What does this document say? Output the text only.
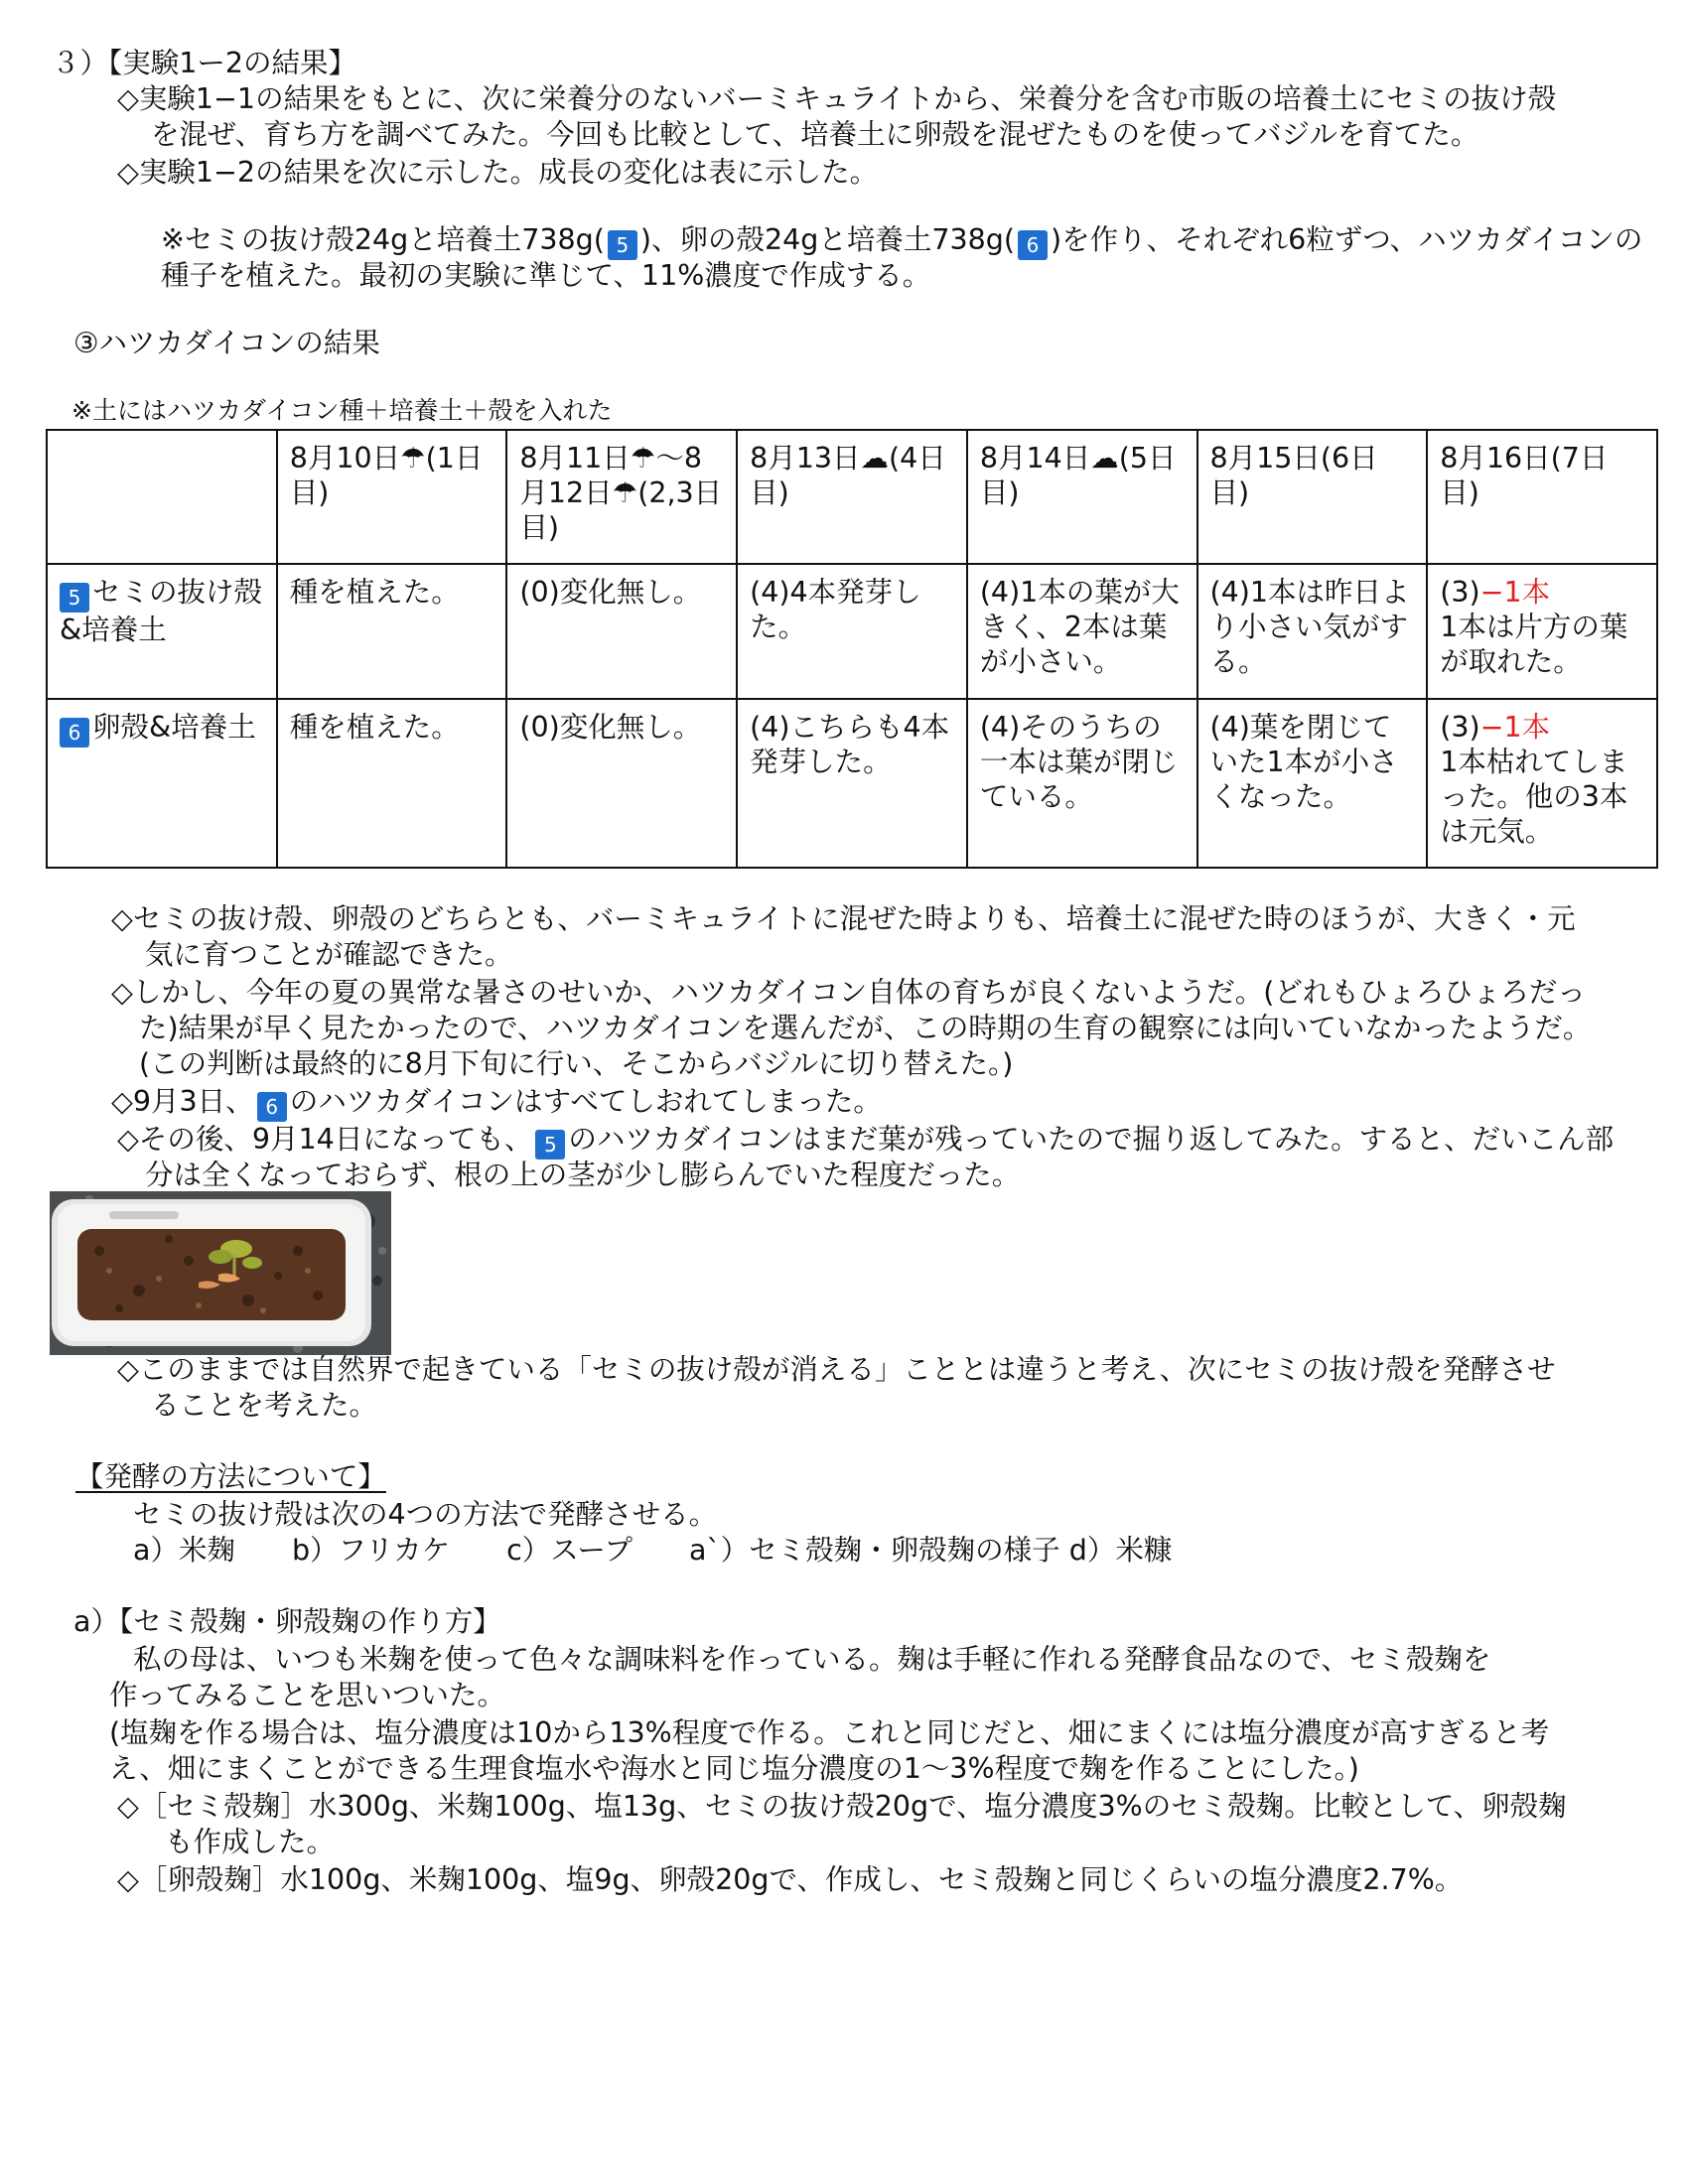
３）【実験1ー2の結果】
◇実験1−1の結果をもとに、次に栄養分のないバーミキュライトから、栄養分を含む市販の培養土にセミの抜け殻
を混ぜ、育ち方を調べてみた。今回も比較として、培養土に卵殻を混ぜたものを使ってバジルを育てた。
◇実験1−2の結果を次に示した。成長の変化は表に示した。
※セミの抜け殻24gと培養土738g( 5 )、卵の殻24gと培養土738g( 6 )を作り、それぞれ6粒ずつ、ハツカダイコンの
種子を植えた。最初の実験に準じて、11%濃度で作成する。
③ハツカダイコンの結果
※土にはハツカダイコン種＋培養土＋殻を入れた
	8月10日☂(1日目)	8月11日☂〜8月12日☂(2,3日目)	8月13日☁(4日目)	8月14日☁(5日目)	8月15日(6日目)	8月16日(7日目)
5 セミの抜け殻&培養土	種を植えた。	(0)変化無し。	(4)4本発芽した。	(4)1本の葉が大きく、2本は葉が小さい。	(4)1本は昨日より小さい気がする。	(3)−1本
1本は片方の葉が取れた。
6 卵殻&培養土	種を植えた。	(0)変化無し。	(4)こちらも4本発芽した。	(4)そのうちの一本は葉が閉じている。	(4)葉を閉じていた1本が小さくなった。	(3)−1本
1本枯れてしまった。他の3本は元気。
◇セミの抜け殻、卵殻のどちらとも、バーミキュライトに混ぜた時よりも、培養土に混ぜた時のほうが、大きく・元
気に育つことが確認できた。
◇しかし、今年の夏の異常な暑さのせいか、ハツカダイコン自体の育ちが良くないようだ。(どれもひょろひょろだっ
た)結果が早く見たかったので、ハツカダイコンを選んだが、この時期の生育の観察には向いていなかったようだ。
(この判断は最終的に8月下旬に行い、そこからバジルに切り替えた。)
◇9月3日、 6 のハツカダイコンはすべてしおれてしまった。
◇その後、9月14日になっても、 5 のハツカダイコンはまだ葉が残っていたので掘り返してみた。すると、だいこん部
分は全くなっておらず、根の上の茎が少し膨らんでいた程度だった。
◇このままでは自然界で起きている「セミの抜け殻が消える」こととは違うと考え、次にセミの抜け殻を発酵させ
ることを考えた。
【発酵の方法について】
セミの抜け殻は次の4つの方法で発酵させる。
a）米麹　　b）フリカケ　　c）スープ　　a`）セミ殻麹・卵殻麹の様子 d）米糠
a）【セミ殻麹・卵殻麹の作り方】
私の母は、いつも米麹を使って色々な調味料を作っている。麹は手軽に作れる発酵食品なので、セミ殻麹を
作ってみることを思いついた。
(塩麹を作る場合は、塩分濃度は10から13%程度で作る。これと同じだと、畑にまくには塩分濃度が高すぎると考
え、畑にまくことができる生理食塩水や海水と同じ塩分濃度の1〜3%程度で麹を作ることにした。)
◇［セミ殻麹］水300g、米麹100g、塩13g、セミの抜け殻20gで、塩分濃度3%のセミ殻麹。比較として、卵殻麹
も作成した。
◇［卵殻麹］水100g、米麹100g、塩9g、卵殻20gで、作成し、セミ殻麹と同じくらいの塩分濃度2.7%。
